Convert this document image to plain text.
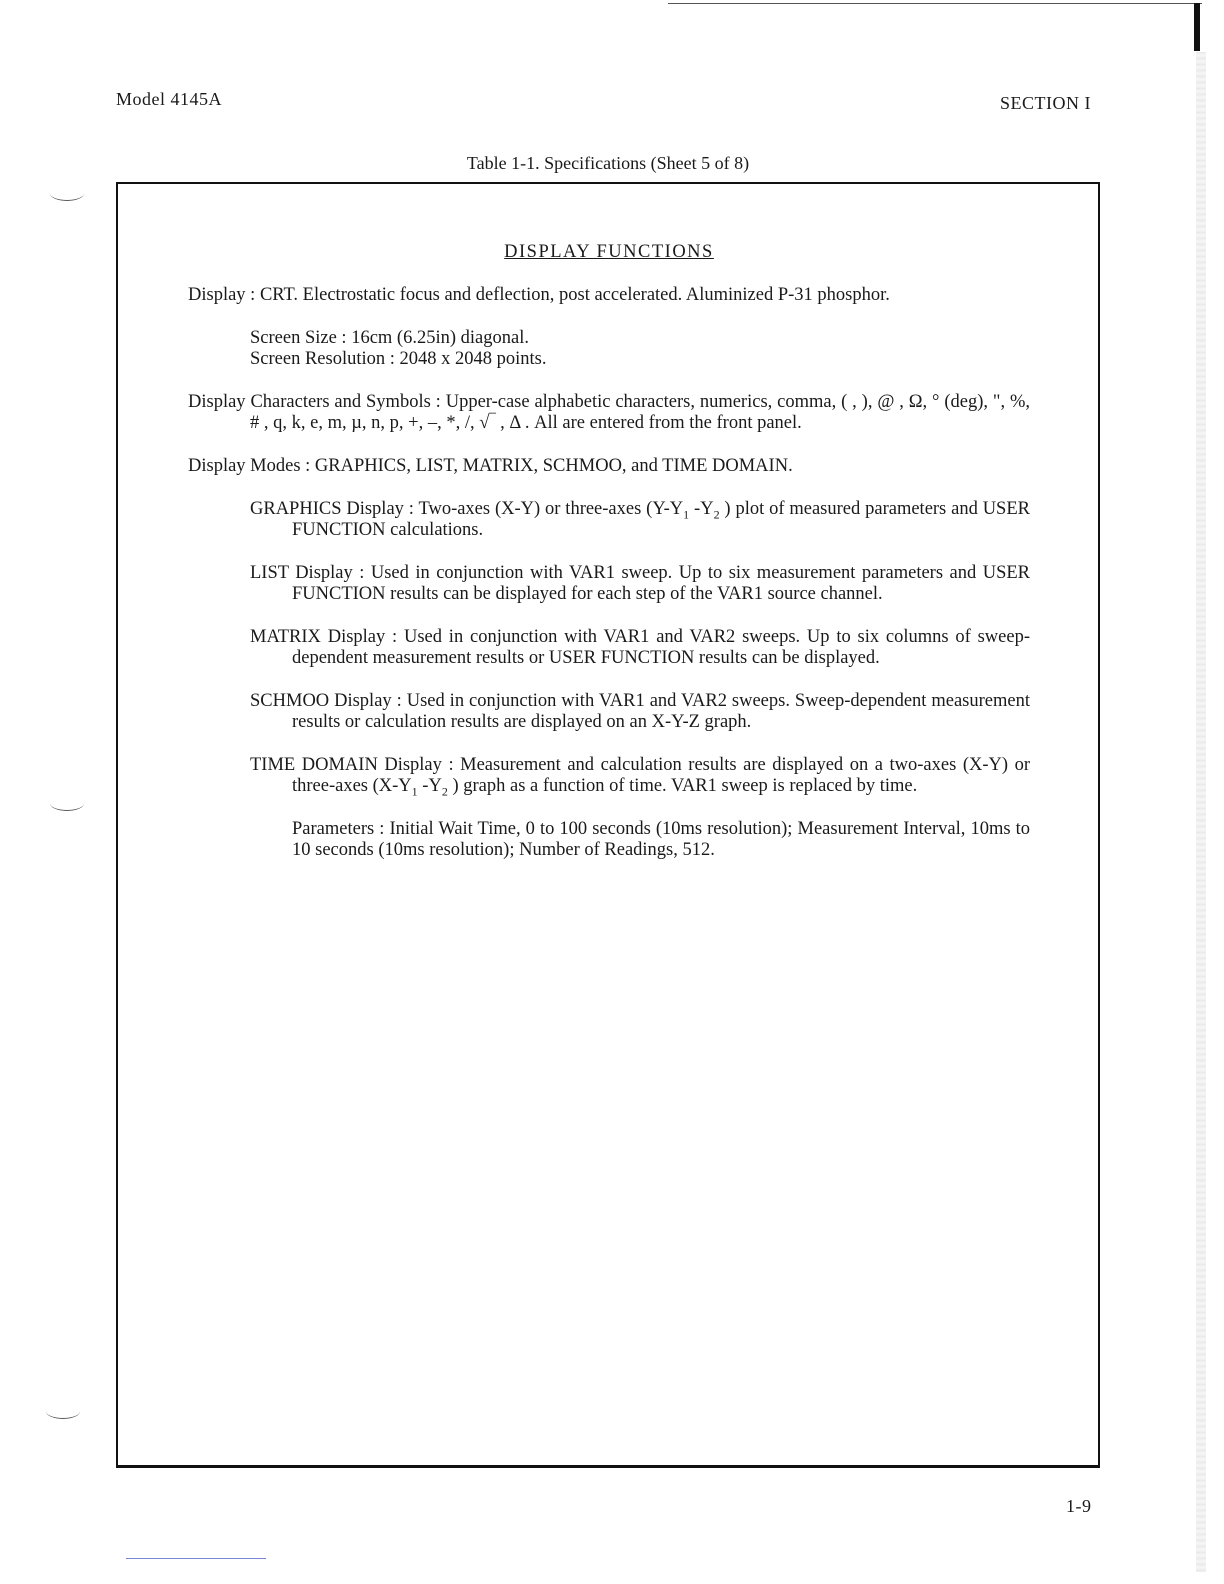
Model 4145A	SECTION I
Table 1-1. Specifications (Sheet 5 of 8)
DISPLAY FUNCTIONS
Display : CRT. Electrostatic focus and deflection, post accelerated. Aluminized P-31 phosphor.
Screen Size : 16cm (6.25in) diagonal.
Screen Resolution : 2048 x 2048 points.
Display Characters and Symbols : Upper-case alphabetic characters, numerics, comma, ( , ), @ , Ω, ° (deg), ", %, # , q, k, e, m, µ, n, p, +, –, *, /, √‾ , Δ . All are entered from the front panel.
Display Modes : GRAPHICS, LIST, MATRIX, SCHMOO, and TIME DOMAIN.
GRAPHICS Display : Two-axes (X-Y) or three-axes ($Y-Y_1$ $-Y_2$ ) plot of measured parameters and USER FUNCTION calculations.
LIST Display : Used in conjunction with VAR1 sweep. Up to six measurement parameters and USER FUNCTION results can be displayed for each step of the VAR1 source channel.
MATRIX Display : Used in conjunction with VAR1 and VAR2 sweeps. Up to six columns of sweep-dependent measurement results or USER FUNCTION results can be displayed.
SCHMOO Display : Used in conjunction with VAR1 and VAR2 sweeps. Sweep-dependent measurement results or calculation results are displayed on an X-Y-Z graph.
TIME DOMAIN Display : Measurement and calculation results are displayed on a two-axes (X-Y) or three-axes ($X-Y_1$ $-Y_2$ ) graph as a function of time. VAR1 sweep is replaced by time.
Parameters : Initial Wait Time, 0 to 100 seconds (10ms resolution); Measurement Interval, 10ms to 10 seconds (10ms resolution); Number of Readings, 512.
1-9
